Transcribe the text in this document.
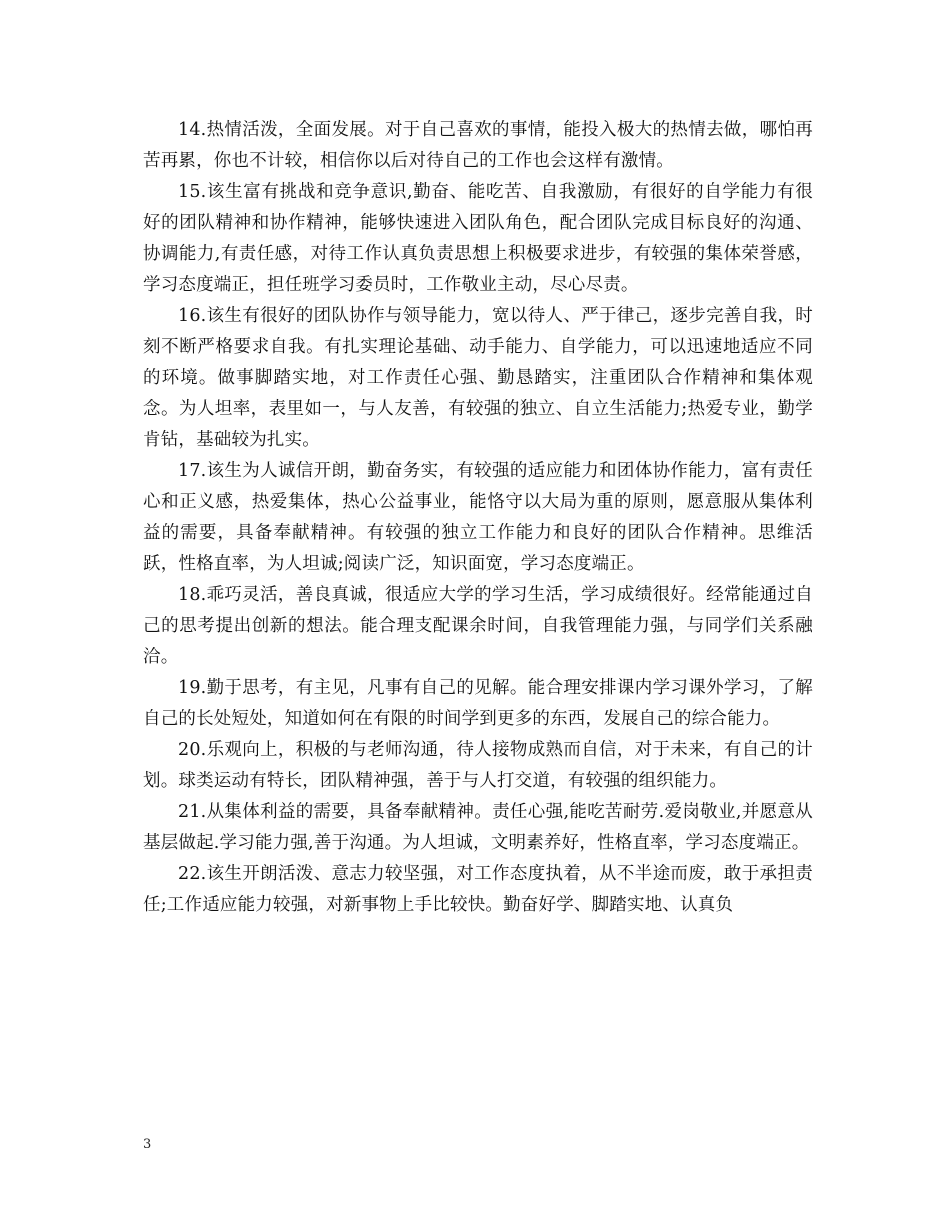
14.热情活泼，全面发展。对于自己喜欢的事情，能投入极大的热情去做，哪怕再苦再累，你也不计较，相信你以后对待自己的工作也会这样有激情。

15.该生富有挑战和竞争意识,勤奋、能吃苦、自我激励，有很好的自学能力有很好的团队精神和协作精神，能够快速进入团队角色，配合团队完成目标良好的沟通、协调能力,有责任感，对待工作认真负责思想上积极要求进步，有较强的集体荣誉感，学习态度端正，担任班学习委员时，工作敬业主动，尽心尽责。

16.该生有很好的团队协作与领导能力，宽以待人、严于律己，逐步完善自我，时刻不断严格要求自我。有扎实理论基础、动手能力、自学能力，可以迅速地适应不同的环境。做事脚踏实地，对工作责任心强、勤恳踏实，注重团队合作精神和集体观念。为人坦率，表里如一，与人友善，有较强的独立、自立生活能力;热爱专业，勤学肯钻，基础较为扎实。

17.该生为人诚信开朗，勤奋务实，有较强的适应能力和团体协作能力，富有责任心和正义感，热爱集体，热心公益事业，能恪守以大局为重的原则，愿意服从集体利益的需要，具备奉献精神。有较强的独立工作能力和良好的团队合作精神。思维活跃，性格直率，为人坦诚;阅读广泛，知识面宽，学习态度端正。

18.乖巧灵活，善良真诚，很适应大学的学习生活，学习成绩很好。经常能通过自己的思考提出创新的想法。能合理支配课余时间，自我管理能力强，与同学们关系融洽。

19.勤于思考，有主见，凡事有自己的见解。能合理安排课内学习课外学习，了解自己的长处短处，知道如何在有限的时间学到更多的东西，发展自己的综合能力。

20.乐观向上，积极的与老师沟通，待人接物成熟而自信，对于未来，有自己的计划。球类运动有特长，团队精神强，善于与人打交道，有较强的组织能力。

21.从集体利益的需要，具备奉献精神。责任心强,能吃苦耐劳.爱岗敬业,并愿意从基层做起.学习能力强,善于沟通。为人坦诚，文明素养好，性格直率，学习态度端正。

22.该生开朗活泼、意志力较坚强，对工作态度执着，从不半途而废，敢于承担责任;工作适应能力较强，对新事物上手比较快。勤奋好学、脚踏实地、认真负

3
